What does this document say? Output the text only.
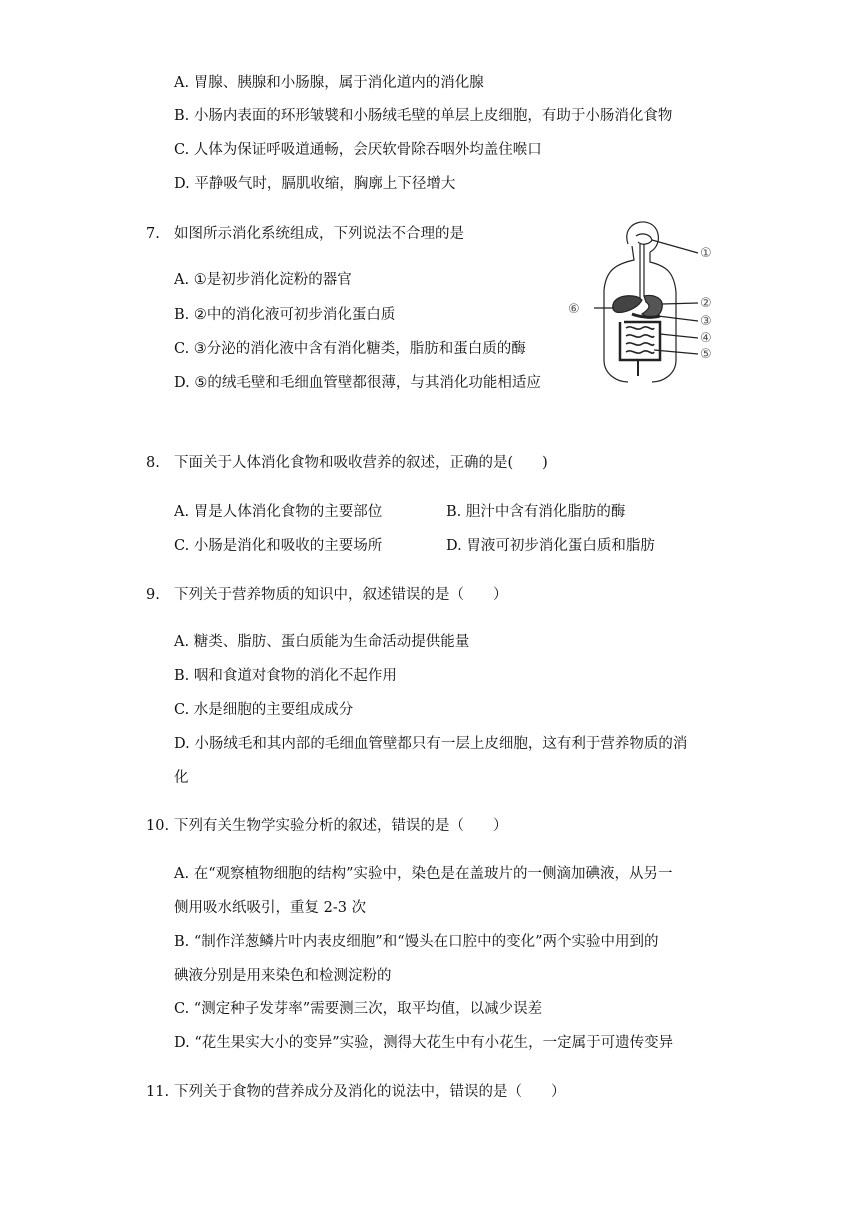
A. 胃腺、胰腺和小肠腺，属于消化道内的消化腺
B. 小肠内表面的环形皱襞和小肠绒毛壁的单层上皮细胞，有助于小肠消化食物
C. 人体为保证呼吸道通畅，会厌软骨除吞咽外均盖住喉口
D. 平静吸气时，膈肌收缩，胸廓上下径增大
7. 如图所示消化系统组成，下列说法不合理的是
A. ①是初步消化淀粉的器官
B. ②中的消化液可初步消化蛋白质
C. ③分泌的消化液中含有消化糖类，脂肪和蛋白质的酶
D. ⑤的绒毛壁和毛细血管壁都很薄，与其消化功能相适应
①
②
③
④
⑤
⑥
8. 下面关于人体消化食物和吸收营养的叙述，正确的是(　　)
A. 胃是人体消化食物的主要部位	B. 胆汁中含有消化脂肪的酶
C. 小肠是消化和吸收的主要场所	D. 胃液可初步消化蛋白质和脂肪
9. 下列关于营养物质的知识中，叙述错误的是（　　）
A. 糖类、脂肪、蛋白质能为生命活动提供能量
B. 咽和食道对食物的消化不起作用
C. 水是细胞的主要组成成分
D. 小肠绒毛和其内部的毛细血管壁都只有一层上皮细胞，这有利于营养物质的消
化
10. 下列有关生物学实验分析的叙述，错误的是（　　）
A. 在“观察植物细胞的结构”实验中，染色是在盖玻片的一侧滴加碘液，从另一
侧用吸水纸吸引，重复 2-3 次
B. “制作洋葱鳞片叶内表皮细胞”和“馒头在口腔中的变化”两个实验中用到的
碘液分别是用来染色和检测淀粉的
C. “测定种子发芽率”需要测三次，取平均值，以减少误差
D. “花生果实大小的变异”实验，测得大花生中有小花生，一定属于可遗传变异
11. 下列关于食物的营养成分及消化的说法中，错误的是（　　）
